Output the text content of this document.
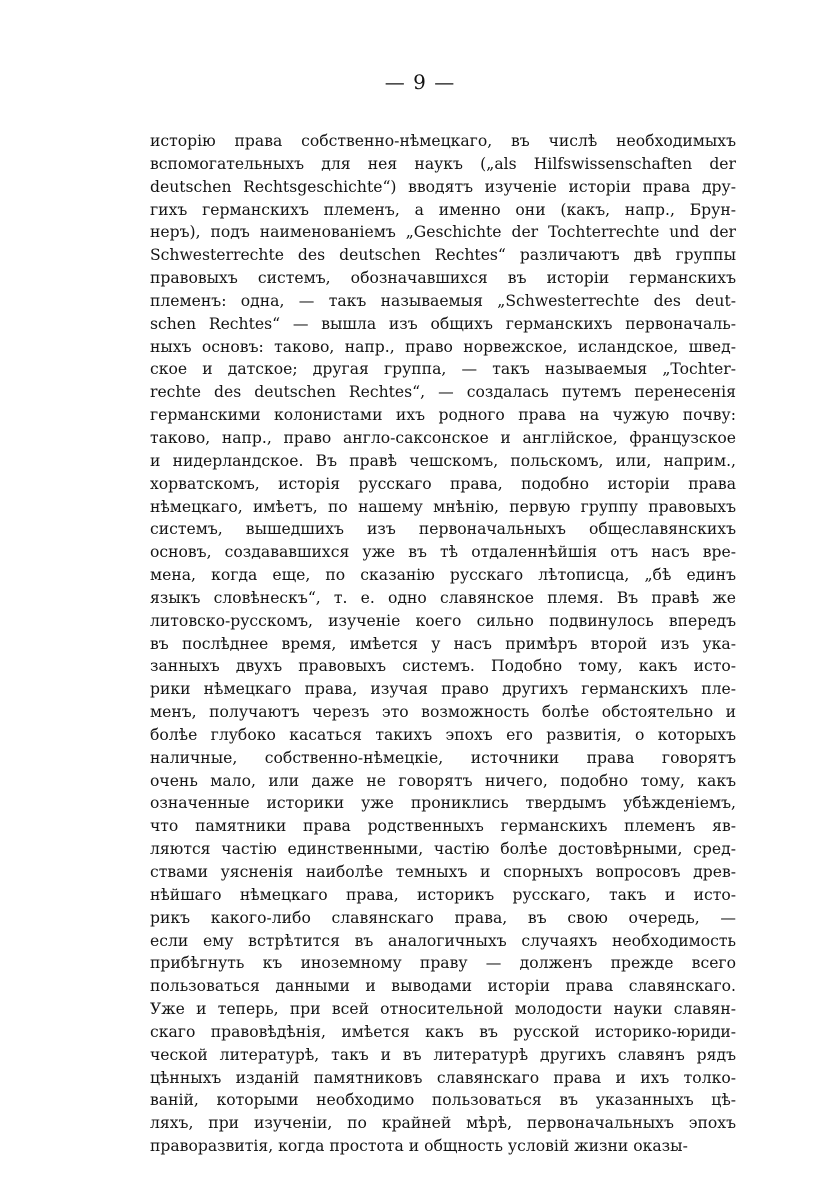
— 9 —
исторію права собственно-нѣмецкаго, въ числѣ необходимыхъ
вспомогательныхъ для нея наукъ („als Hilfswissenschaften der
deutschen Rechtsgeschichte“) вводятъ изученіе исторіи права дру-
гихъ германскихъ племенъ, а именно они (какъ, напр., Брун-
неръ), подъ наименованіемъ „Geschichte der Tochterrechte und der
Schwesterrechte des deutschen Rechtes“ различаютъ двѣ группы
правовыхъ системъ, обозначавшихся въ исторіи германскихъ
племенъ: одна, — такъ называемыя „Schwesterrechte des deut-
schen Rechtes“ — вышла изъ общихъ германскихъ первоначаль-
ныхъ основъ: таково, напр., право норвежское, исландское, швед-
ское и датское; другая группа, — такъ называемыя „Tochter-
rechte des deutschen Rechtes“, — создалась путемъ перенесенія
германскими колонистами ихъ родного права на чужую почву:
таково, напр., право англо-саксонское и англійское, французское
и нидерландское. Въ правѣ чешскомъ, польскомъ, или, наприм.,
хорватскомъ, исторія русскаго права, подобно исторіи права
нѣмецкаго, имѣетъ, по нашему мнѣнію, первую группу правовыхъ
системъ, вышедшихъ изъ первоначальныхъ общеславянскихъ
основъ, создававшихся уже въ тѣ отдаленнѣйшія отъ насъ вре-
мена, когда еще, по сказанію русскаго лѣтописца, „бѣ единъ
языкъ словѣнескъ“, т. е. одно славянское племя. Въ правѣ же
литовско-русскомъ, изученіе коего сильно подвинулось впередъ
въ послѣднее время, имѣется у насъ примѣръ второй изъ ука-
занныхъ двухъ правовыхъ системъ. Подобно тому, какъ исто-
рики нѣмецкаго права, изучая право другихъ германскихъ пле-
менъ, получаютъ черезъ это возможность болѣе обстоятельно и
болѣе глубоко касаться такихъ эпохъ его развитія, о которыхъ
наличные, собственно-нѣмецкіе, источники права говорятъ
очень мало, или даже не говорятъ ничего, подобно тому, какъ
означенные историки уже прониклись твердымъ убѣжденіемъ,
что памятники права родственныхъ германскихъ племенъ яв-
ляются частію единственными, частію болѣе достовѣрными, сред-
ствами уясненія наиболѣе темныхъ и спорныхъ вопросовъ древ-
нѣйшаго нѣмецкаго права, историкъ русскаго, такъ и исто-
рикъ какого-либо славянскаго права, въ свою очередь, —
если ему встрѣтится въ аналогичныхъ случаяхъ необходимость
прибѣгнуть къ иноземному праву — долженъ прежде всего
пользоваться данными и выводами исторіи права славянскаго.
Уже и теперь, при всей относительной молодости науки славян-
скаго правовѣдѣнія, имѣется какъ въ русской историко-юриди-
ческой литературѣ, такъ и въ литературѣ другихъ славянъ рядъ
цѣнныхъ изданій памятниковъ славянскаго права и ихъ толко-
ваній, которыми необходимо пользоваться въ указанныхъ цѣ-
ляхъ, при изученіи, по крайней мѣрѣ, первоначальныхъ эпохъ
праворазвитія, когда простота и общность условій жизни оказы-
